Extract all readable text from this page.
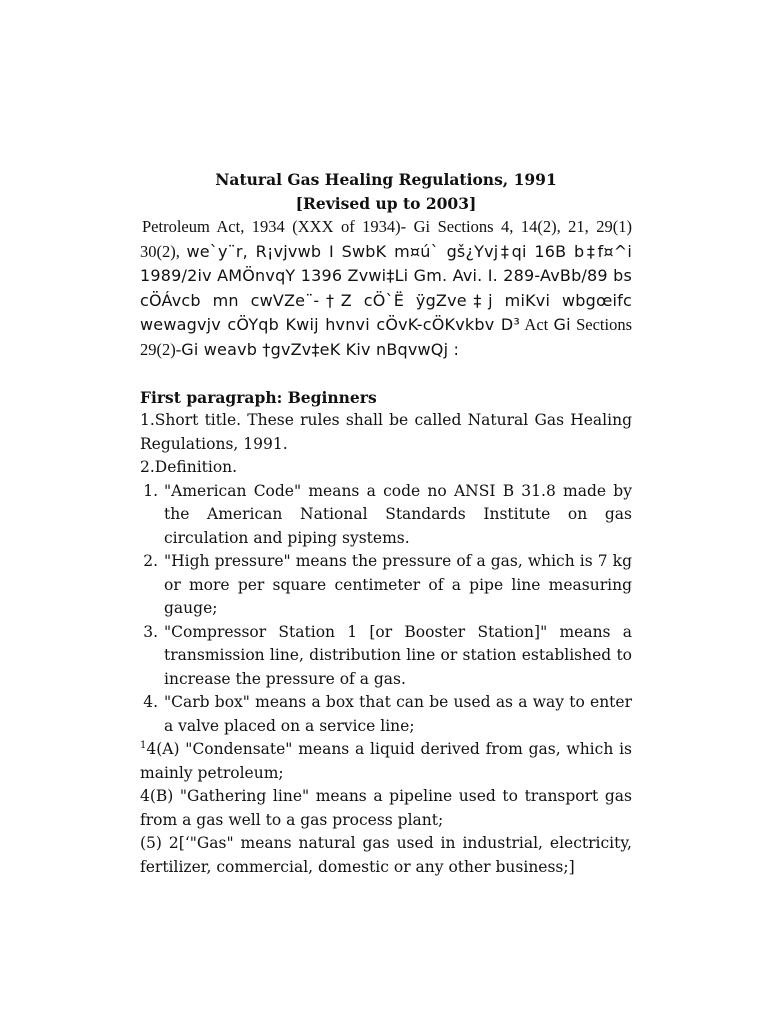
Natural Gas Healing Regulations, 1991

[Revised up to 2003]

Petroleum Act, 1934 (XXX of 1934)- Gi Sections 4, 14(2), 21, 29(1) 30(2), we`y¨r, R¡vjvwb I SwbK m¤ú` gš¿Yvj‡qi 16B b‡f¤^i 1989/2iv AMÖnvqY 1396 Zvwi‡Li Gm. Avi. I. 289-AvBb/89 bs cÖÁvcb mn cwVZe¨-†Z cÖ`Ë ÿgZve‡j miKvi wbgœifc wewagvjv cÖYqb Kwij hvnvi cÖvK-cÖKvkbv D³ Act Gi Sections 29(2)-Gi weavb †gvZv‡eK Kiv nBqvwQj :

First paragraph: Beginners

1.Short title. These rules shall be called Natural Gas Healing Regulations, 1991.

2.Definition.

1. "American Code" means a code no ANSI B 31.8 made by the American National Standards Institute on gas circulation and piping systems.
2. "High pressure" means the pressure of a gas, which is 7 kg or more per square centimeter of a pipe line measuring gauge;
3. "Compressor Station 1 [or Booster Station]" means a transmission line, distribution line or station established to increase the pressure of a gas.
4. "Carb box" means a box that can be used as a way to enter a valve placed on a service line;

$^1$4(A) "Condensate" means a liquid derived from gas, which is mainly petroleum;

4(B) "Gathering line" means a pipeline used to transport gas from a gas well to a gas process plant;

(5) 2[‘"Gas" means natural gas used in industrial, electricity, fertilizer, commercial, domestic or any other business;]
